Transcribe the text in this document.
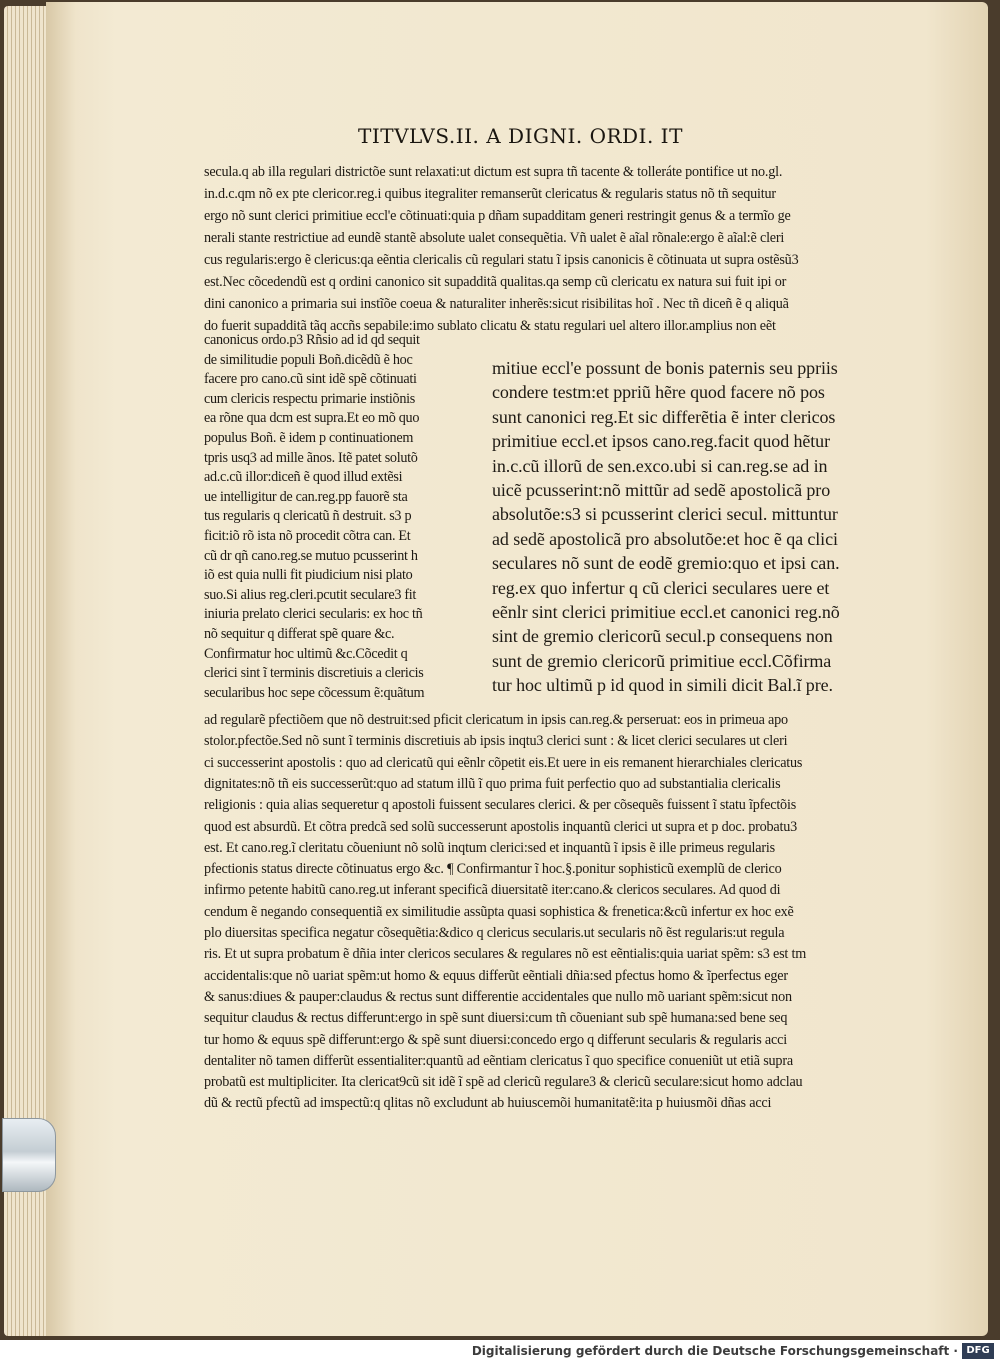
TITVLVS.II. A DIGNI. ORDI. IT
secula.q ab illa regulari districtõe sunt relaxati:ut dictum est supra tñ tacente & tolleráte pontifice ut no.gl.
in.d.c.qm nõ ex pte clericor.reg.i quibus itegraliter remanserũt clericatus & regularis status nõ tñ sequitur
ergo nõ sunt clerici primitiue eccl'e cõtinuati:quia p dñam supadditam generi restringit genus & a termĩo ge
nerali stante restrictiue ad eundẽ stantẽ absolute ualet consequẽtia. Vñ ualet ẽ aĩal rõnale:ergo ẽ aĩal:ẽ cleri
cus regularis:ergo ẽ clericus:qa eẽntia clericalis cũ regulari statu ĩ ipsis canonicis ẽ cõtinuata ut supra ostẽsũ3
est.Nec cõcedendũ est q ordini canonico sit supadditã qualitas.qa semp cũ clericatu ex natura sui fuit ipi or
dini canonico a primaria sui instĩõe coeua & naturaliter inherẽs:sicut risibilitas hoĩ . Nec tñ diceñ ẽ q aliquã
do fuerit supadditã tãq accñs sepabile:imo sublato clicatu & statu regulari uel altero illor.amplius non eẽt
canonicus ordo.p3 Rñsio ad id qd sequit
de similitudie populi Boñ.dicẽdũ ẽ hoc
facere pro cano.cũ sint idẽ spẽ cõtinuati
cum clericis respectu primarie instiõnis
ea rõne qua dcm est supra.Et eo mõ quo
populus Boñ. ẽ idem p continuationem
tpris usq3 ad mille ãnos. Itẽ patet solutõ
ad.c.cũ illor:diceñ ẽ quod illud extẽsi
ue intelligitur de can.reg.pp fauorẽ sta
tus regularis q clericatũ ñ destruit. s3 p
ficit:iõ rõ ista nõ procedit cõtra can. Et
cũ dr qñ cano.reg.se mutuo pcusserint h
iõ est quia nulli fit piudicium nisi plato
suo.Si alius reg.cleri.pcutit seculare3 fit
iniuria prelato clerici secularis: ex hoc tñ
nõ sequitur q differat spẽ quare &c.
Confirmatur hoc ultimũ &c.Cõcedit q
clerici sint ĩ terminis discretiuis a clericis
secularibus hoc sepe cõcessum ẽ:quãtum
mitiue eccl'e possunt de bonis paternis seu ppriis
condere testm:et ppriũ hẽre quod facere nõ pos
sunt canonici reg.Et sic differẽtia ẽ inter clericos
primitiue eccl.et ipsos cano.reg.facit quod hẽtur
in.c.cũ illorũ de sen.exco.ubi si can.reg.se ad in
uicẽ pcusserint:nõ mittũr ad sedẽ apostolicã pro
absolutõe:s3 si pcusserint clerici secul. mittuntur
ad sedẽ apostolicã pro absolutõe:et hoc ẽ qa clici
seculares nõ sunt de eodẽ gremio:quo et ipsi can.
reg.ex quo infertur q cũ clerici seculares uere et
eẽnlr sint clerici primitiue eccl.et canonici reg.nõ
sint de gremio clericorũ secul.p consequens non
sunt de gremio clericorũ primitiue eccl.Cõfirma
tur hoc ultimũ p id quod in simili dicit Bal.ĩ pre.
ad regularẽ pfectiõem que nõ destruit:sed pficit clericatum in ipsis can.reg.& perseruat: eos in primeua apo
stolor.pfectõe.Sed nõ sunt ĩ terminis discretiuis ab ipsis inqtu3 clerici sunt : & licet clerici seculares ut cleri
ci successerint apostolis : quo ad clericatũ qui eẽnlr cõpetit eis.Et uere in eis remanent hierarchiales clericatus
dignitates:nõ tñ eis successerũt:quo ad statum illũ ĩ quo prima fuit perfectio quo ad substantialia clericalis
religionis : quia alias sequeretur q apostoli fuissent seculares clerici. & per cõsequẽs fuissent ĩ statu ĩpfectõis
quod est absurdũ. Et cõtra predcã sed solũ successerunt apostolis inquantũ clerici ut supra et p doc. probatu3
est. Et cano.reg.ĩ cleritatu cõueniunt nõ solũ inqtum clerici:sed et inquantũ ĩ ipsis ẽ ille primeus regularis
pfectionis status directe cõtinuatus ergo &c. ¶ Confirmantur ĩ hoc.§.ponitur sophisticũ exemplũ de clerico
infirmo petente habitũ cano.reg.ut inferant specificã diuersitatẽ iter:cano.& clericos seculares. Ad quod di
cendum ẽ negando consequentiã ex similitudie assũpta quasi sophistica & frenetica:&cũ infertur ex hoc exẽ
plo diuersitas specifica negatur cõsequẽtia:&dico q clericus secularis.ut secularis nõ ẽst regularis:ut regula
ris. Et ut supra probatum ẽ dñia inter clericos seculares & regulares nõ est eẽntialis:quia uariat spẽm: s3 est tm
accidentalis:que nõ uariat spẽm:ut homo & equus differũt eẽntiali dñia:sed pfectus homo & ĩperfectus eger
& sanus:diues & pauper:claudus & rectus sunt differentie accidentales que nullo mõ uariant spẽm:sicut non
sequitur claudus & rectus differunt:ergo in spẽ sunt diuersi:cum tñ cõueniant sub spẽ humana:sed bene seq
tur homo & equus spẽ differunt:ergo & spẽ sunt diuersi:concedo ergo q differunt secularis & regularis acci
dentaliter nõ tamen differũt essentialiter:quantũ ad eẽntiam clericatus ĩ quo specifice conueniũt ut etiã supra
probatũ est multipliciter. Ita clericat9cũ sit idẽ ĩ spẽ ad clericũ regulare3 & clericũ seculare:sicut homo adclau
dũ & rectũ pfectũ ad imspectũ:q qlitas nõ excludunt ab huiuscemõi humanitatẽ:ita p huiusmõi dñas acci
Digitalisierung gefördert durch die Deutsche Forschungsgemeinschaft · DFG
